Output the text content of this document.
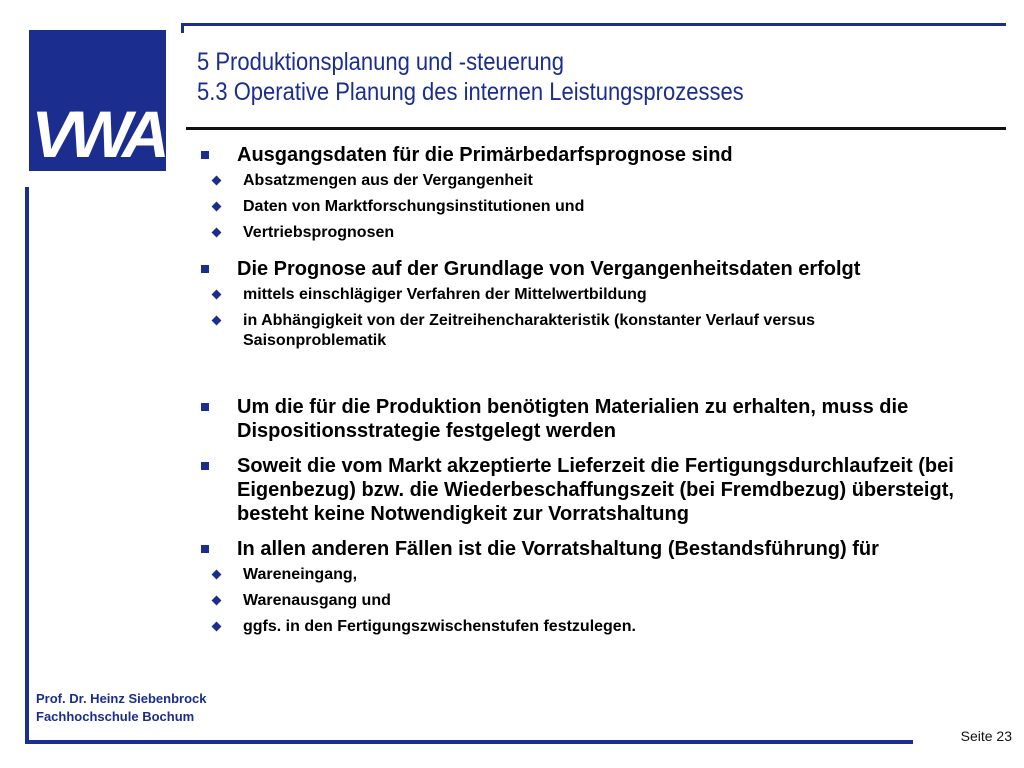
VWA
5 Produktionsplanung und -steuerung
5.3 Operative Planung des internen Leistungsprozesses
Ausgangsdaten für die Primärbedarfsprognose sind
Absatzmengen aus der Vergangenheit
Daten von Marktforschungsinstitutionen und
Vertriebsprognosen
Die Prognose auf der Grundlage von Vergangenheitsdaten erfolgt
mittels einschlägiger Verfahren der Mittelwertbildung
in Abhängigkeit von der Zeitreihencharakteristik (konstanter Verlauf versus Saisonproblematik
Um die für die Produktion benötigten Materialien zu erhalten, muss die Dispositionsstrategie festgelegt werden
Soweit die vom Markt akzeptierte Lieferzeit die Fertigungsdurchlaufzeit (bei Eigenbezug) bzw. die Wiederbeschaffungszeit (bei Fremdbezug) übersteigt, besteht keine Notwendigkeit zur Vorratshaltung
In allen anderen Fällen ist die Vorratshaltung (Bestandsführung) für
Wareneingang,
Warenausgang und
ggfs. in den Fertigungszwischenstufen festzulegen.
Prof. Dr. Heinz Siebenbrock
Fachhochschule Bochum
Seite 23
